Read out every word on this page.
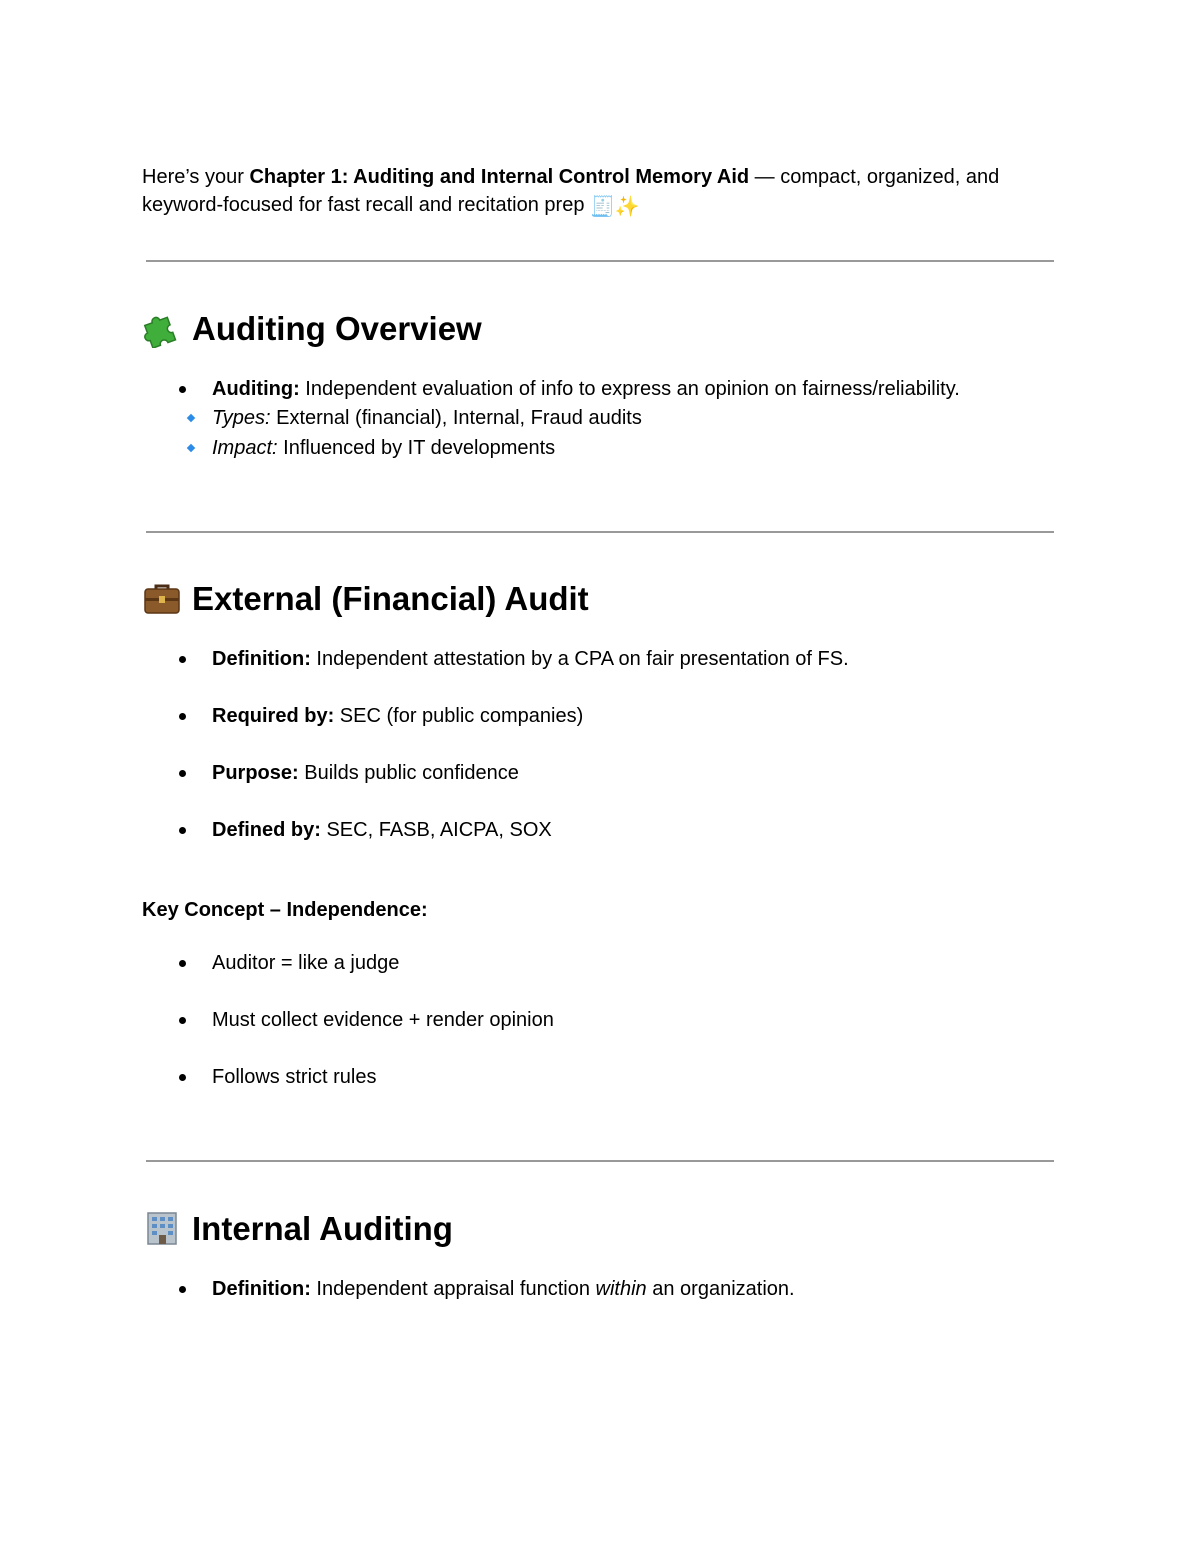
Here’s your Chapter 1: Auditing and Internal Control Memory Aid — compact, organized, and keyword-focused for fast recall and recitation prep 🧾✨
Auditing Overview
Auditing: Independent evaluation of info to express an opinion on fairness/reliability.
Types: External (financial), Internal, Fraud audits
Impact: Influenced by IT developments
External (Financial) Audit
Definition: Independent attestation by a CPA on fair presentation of FS.
Required by: SEC (for public companies)
Purpose: Builds public confidence
Defined by: SEC, FASB, AICPA, SOX
Key Concept – Independence:
Auditor = like a judge
Must collect evidence + render opinion
Follows strict rules
Internal Auditing
Definition: Independent appraisal function within an organization.
